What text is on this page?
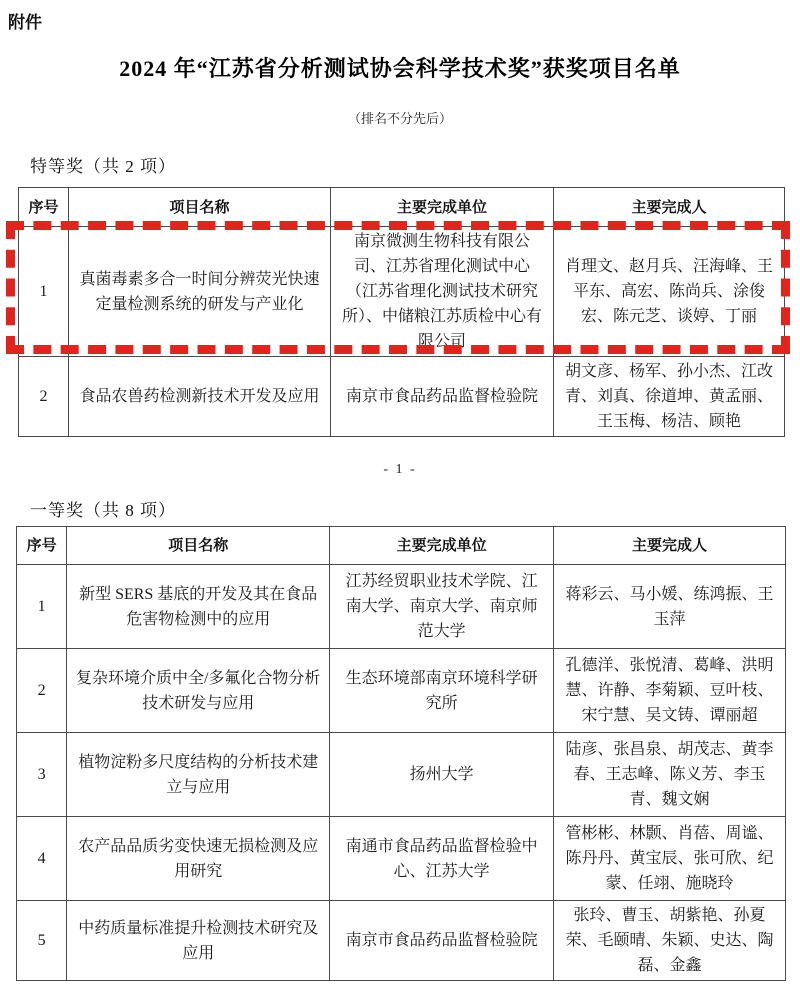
附件
2024 年“江苏省分析测试协会科学技术奖”获奖项目名单
（排名不分先后）
特等奖（共 2 项）
序号	项目名称	主要完成单位	主要完成人
1	真菌毒素多合一时间分辨荧光快速定量检测系统的研发与产业化	南京微测生物科技有限公司、江苏省理化测试中心（江苏省理化测试技术研究所）、中储粮江苏质检中心有限公司	肖理文、赵月兵、汪海峰、王平东、高宏、陈尚兵、涂俊宏、陈元芝、谈婷、丁丽
2	食品农兽药检测新技术开发及应用	南京市食品药品监督检验院	胡文彦、杨军、孙小杰、江改青、刘真、徐道坤、黄孟丽、王玉梅、杨洁、顾艳
- 1 -
一等奖（共 8 项）
序号	项目名称	主要完成单位	主要完成人
1	新型 SERS 基底的开发及其在食品危害物检测中的应用	江苏经贸职业技术学院、江南大学、南京大学、南京师范大学	蒋彩云、马小媛、练鸿振、王玉萍
2	复杂环境介质中全/多氟化合物分析技术研发与应用	生态环境部南京环境科学研究所	孔德洋、张悦清、葛峰、洪明慧、许静、李菊颖、豆叶枝、宋宁慧、吴文铸、谭丽超
3	植物淀粉多尺度结构的分析技术建立与应用	扬州大学	陆彦、张昌泉、胡茂志、黄李春、王志峰、陈义芳、李玉青、魏文娴
4	农产品品质劣变快速无损检测及应用研究	南通市食品药品监督检验中心、江苏大学	管彬彬、林颢、肖蓓、周谧、陈丹丹、黄宝辰、张可欣、纪蒙、任翊、施晓玲
5	中药质量标准提升检测技术研究及应用	南京市食品药品监督检验院	张玲、曹玉、胡紫艳、孙夏荣、毛颐晴、朱颖、史达、陶磊、金鑫
